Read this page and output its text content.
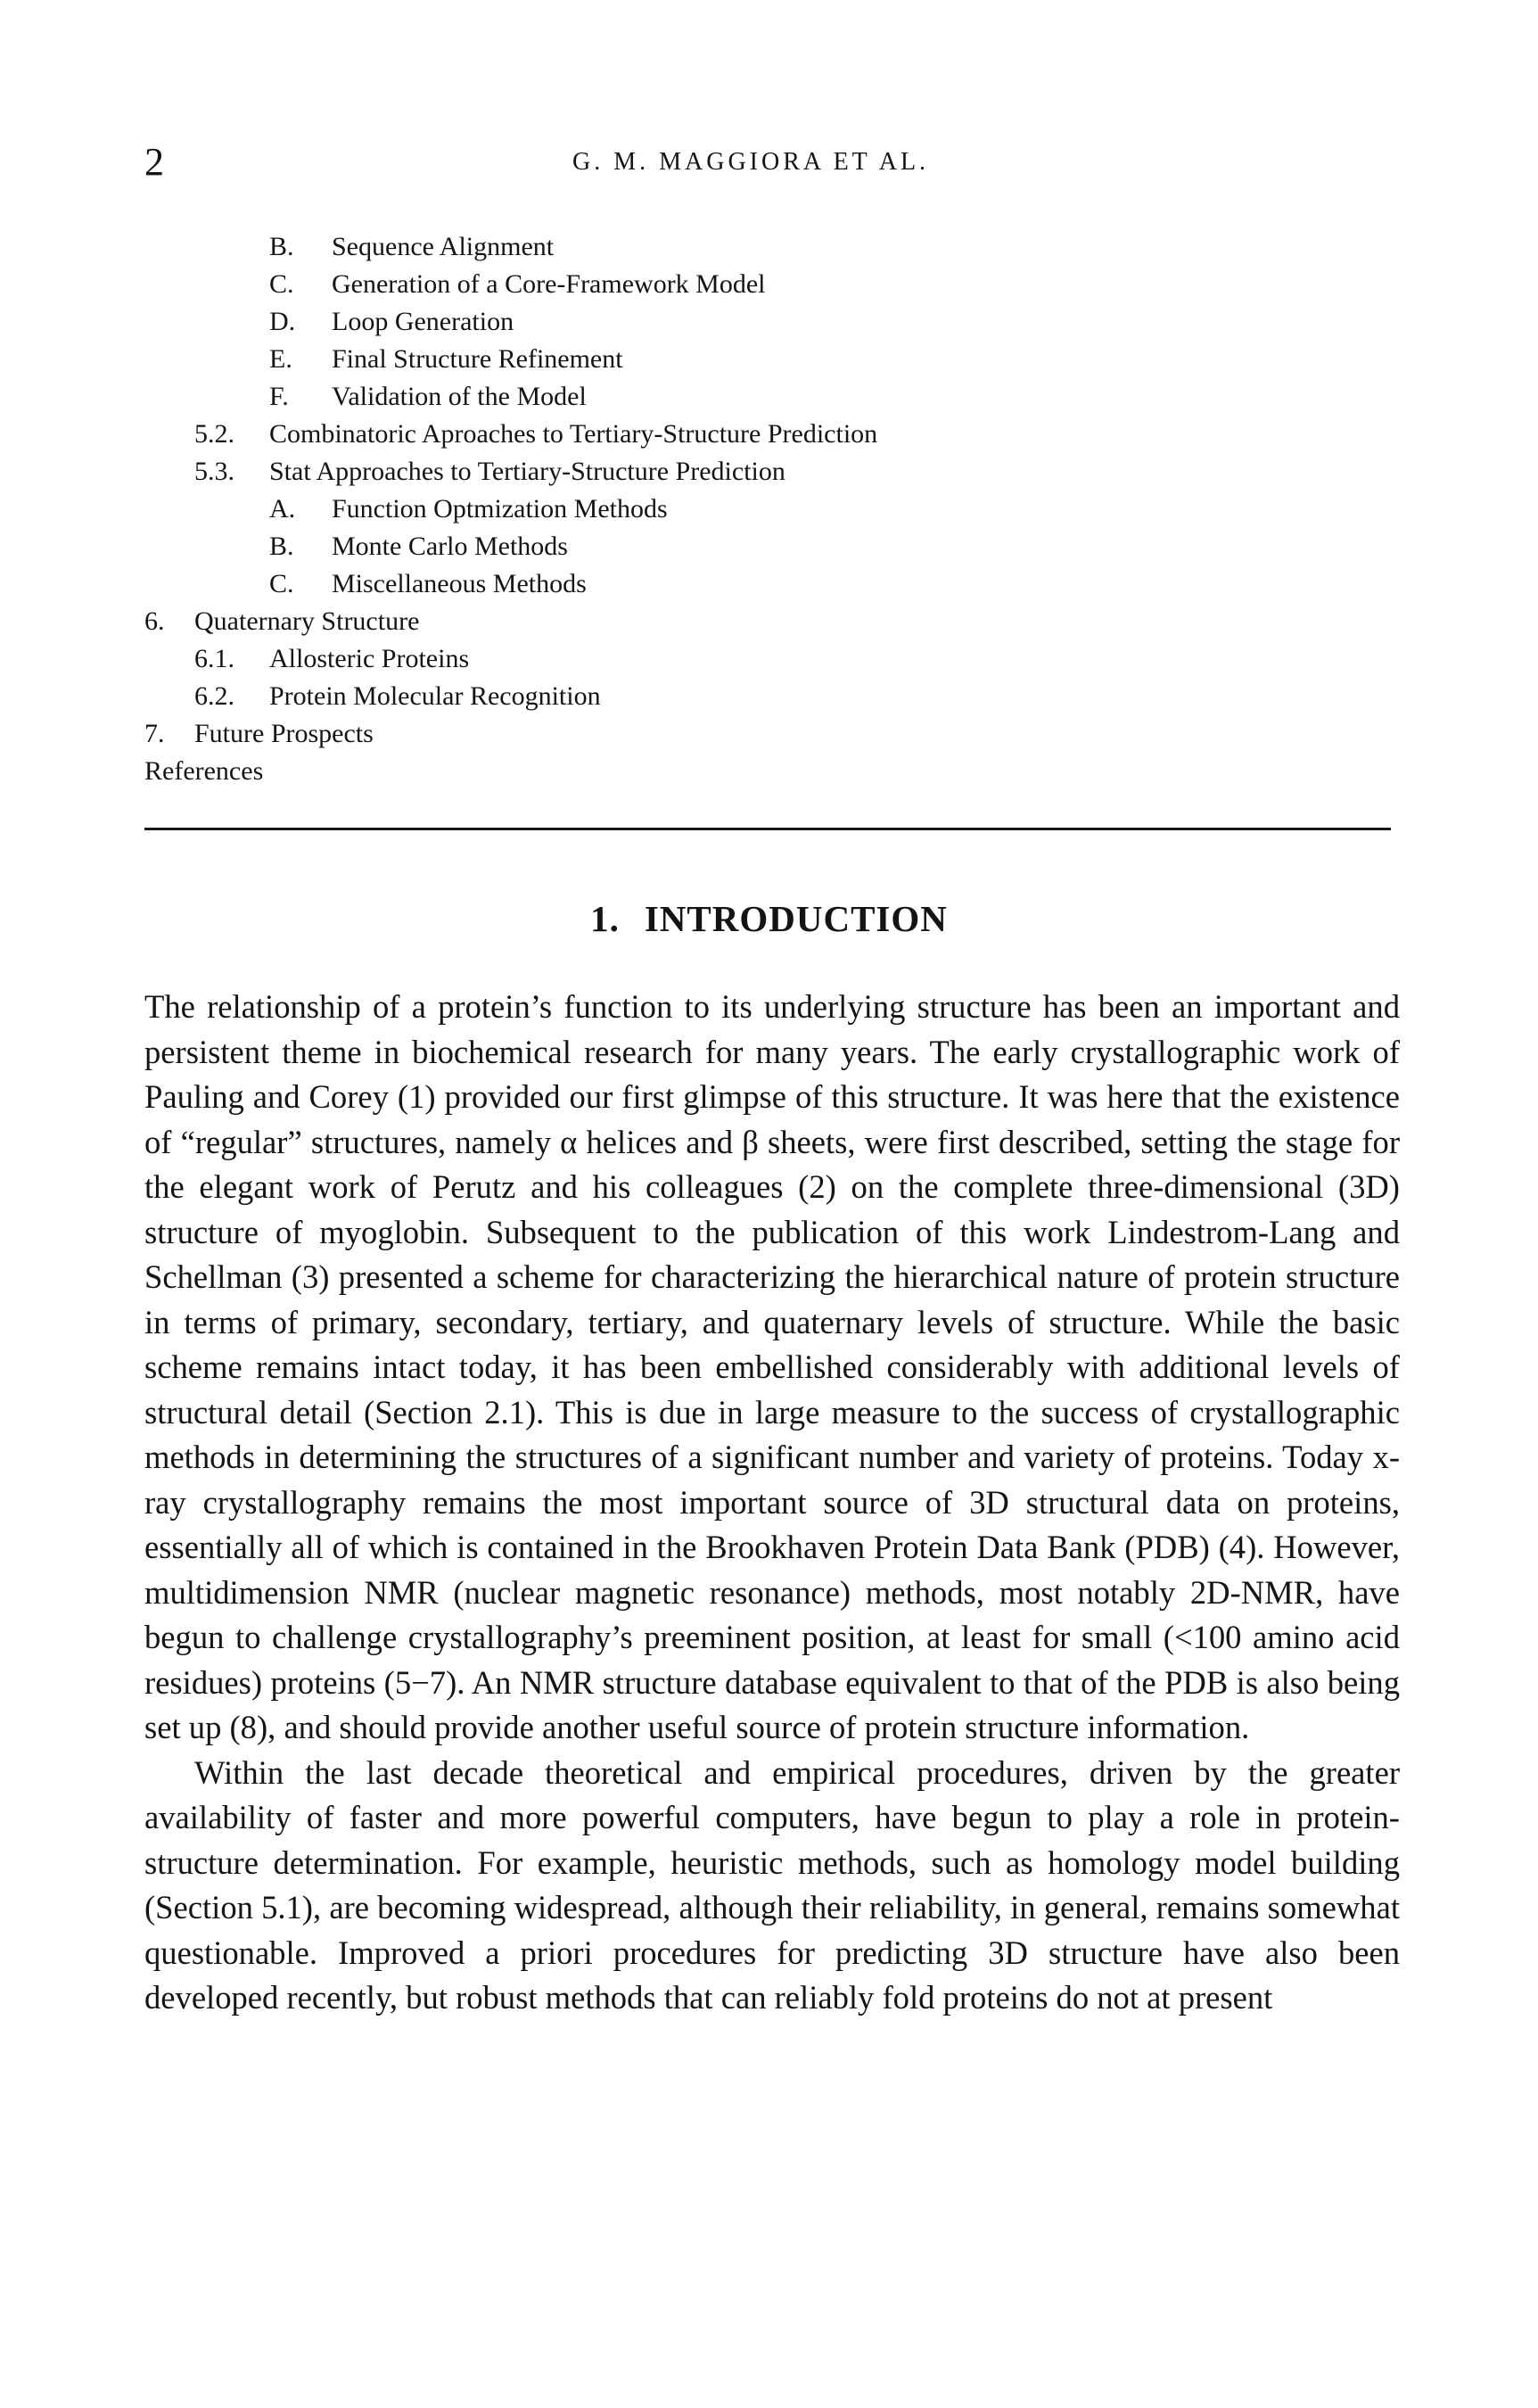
2	G. M. MAGGIORA ET AL.
B. Sequence Alignment
C. Generation of a Core-Framework Model
D. Loop Generation
E. Final Structure Refinement
F. Validation of the Model
5.2. Combinatoric Aproaches to Tertiary-Structure Prediction
5.3. Stat Approaches to Tertiary-Structure Prediction
A. Function Optmization Methods
B. Monte Carlo Methods
C. Miscellaneous Methods
6. Quaternary Structure
6.1. Allosteric Proteins
6.2. Protein Molecular Recognition
7. Future Prospects
References
1. INTRODUCTION

The relationship of a protein’s function to its underlying structure has been an important and persistent theme in biochemical research for many years. The early crystallographic work of Pauling and Corey (1) provided our first glimpse of this structure. It was here that the existence of “regular” structures, namely α helices and β sheets, were first described, setting the stage for the elegant work of Perutz and his colleagues (2) on the complete three-dimensional (3D) structure of myoglobin. Subsequent to the publication of this work Lindestrom-Lang and Schellman (3) presented a scheme for characterizing the hierarchical nature of protein structure in terms of primary, secondary, tertiary, and quaternary levels of structure. While the basic scheme remains intact today, it has been embellished considerably with additional levels of structural detail (Section 2.1). This is due in large measure to the success of crystallographic methods in determining the structures of a significant number and variety of proteins. Today x-ray crystallography remains the most important source of 3D structural data on proteins, essentially all of which is contained in the Brookhaven Protein Data Bank (PDB) (4). However, multidimension NMR (nuclear magnetic resonance) methods, most notably 2D-NMR, have begun to challenge crystallography’s preeminent position, at least for small (<100 amino acid residues) proteins (5−7). An NMR structure database equivalent to that of the PDB is also being set up (8), and should provide another useful source of protein structure information.

Within the last decade theoretical and empirical procedures, driven by the greater availability of faster and more powerful computers, have begun to play a role in protein-structure determination. For example, heuristic methods, such as homology model building (Section 5.1), are becoming widespread, although their reliability, in general, remains somewhat questionable. Improved a priori procedures for predicting 3D structure have also been developed recently, but robust methods that can reliably fold proteins do not at present
